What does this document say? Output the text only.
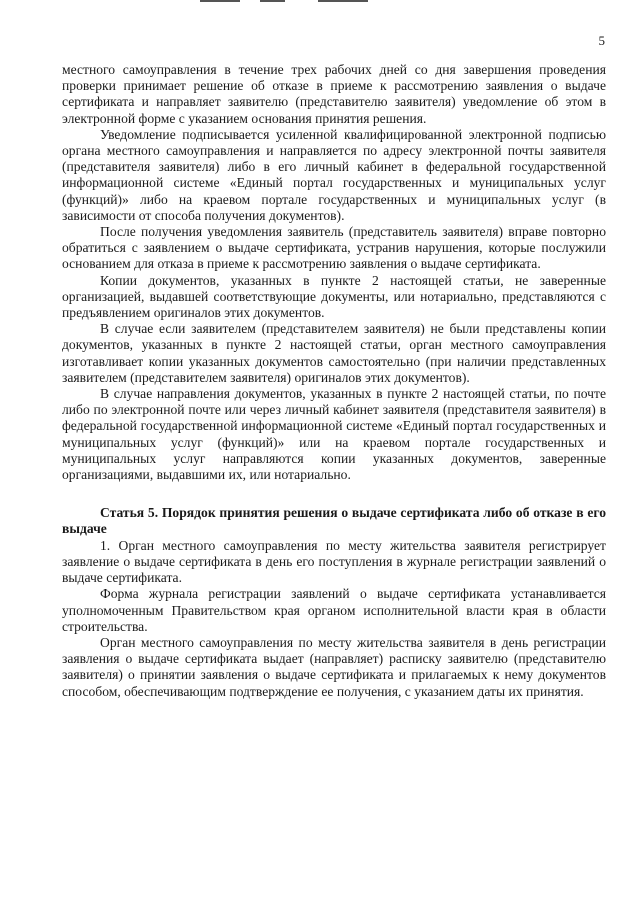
5

местного самоуправления в течение трех рабочих дней со дня завершения проведения проверки принимает решение об отказе в приеме к рассмотрению заявления о выдаче сертификата и направляет заявителю (представителю заявителя) уведомление об этом в электронной форме с указанием основания принятия решения.

Уведомление подписывается усиленной квалифицированной электронной подписью органа местного самоуправления и направляется по адресу электронной почты заявителя (представителя заявителя) либо в его личный кабинет в федеральной государственной информационной системе «Единый портал государственных и муниципальных услуг (функций)» либо на краевом портале государственных и муниципальных услуг (в зависимости от способа получения документов).

После получения уведомления заявитель (представитель заявителя) вправе повторно обратиться с заявлением о выдаче сертификата, устранив нарушения, которые послужили основанием для отказа в приеме к рассмотрению заявления о выдаче сертификата.

Копии документов, указанных в пункте 2 настоящей статьи, не заверенные организацией, выдавшей соответствующие документы, или нотариально, представляются с предъявлением оригиналов этих документов.

В случае если заявителем (представителем заявителя) не были представлены копии документов, указанных в пункте 2 настоящей статьи, орган местного самоуправления изготавливает копии указанных документов самостоятельно (при наличии представленных заявителем (представителем заявителя) оригиналов этих документов).

В случае направления документов, указанных в пункте 2 настоящей статьи, по почте либо по электронной почте или через личный кабинет заявителя (представителя заявителя) в федеральной государственной информационной системе «Единый портал государственных и муниципальных услуг (функций)» или на краевом портале государственных и муниципальных услуг направляются копии указанных документов, заверенные организациями, выдавшими их, или нотариально.

Статья 5. Порядок принятия решения о выдаче сертификата либо об отказе в его выдаче

1. Орган местного самоуправления по месту жительства заявителя регистрирует заявление о выдаче сертификата в день его поступления в журнале регистрации заявлений о выдаче сертификата.

Форма журнала регистрации заявлений о выдаче сертификата устанавливается уполномоченным Правительством края органом исполнительной власти края в области строительства.

Орган местного самоуправления по месту жительства заявителя в день регистрации заявления о выдаче сертификата выдает (направляет) расписку заявителю (представителю заявителя) о принятии заявления о выдаче сертификата и прилагаемых к нему документов способом, обеспечивающим подтверждение ее получения, с указанием даты их принятия.
